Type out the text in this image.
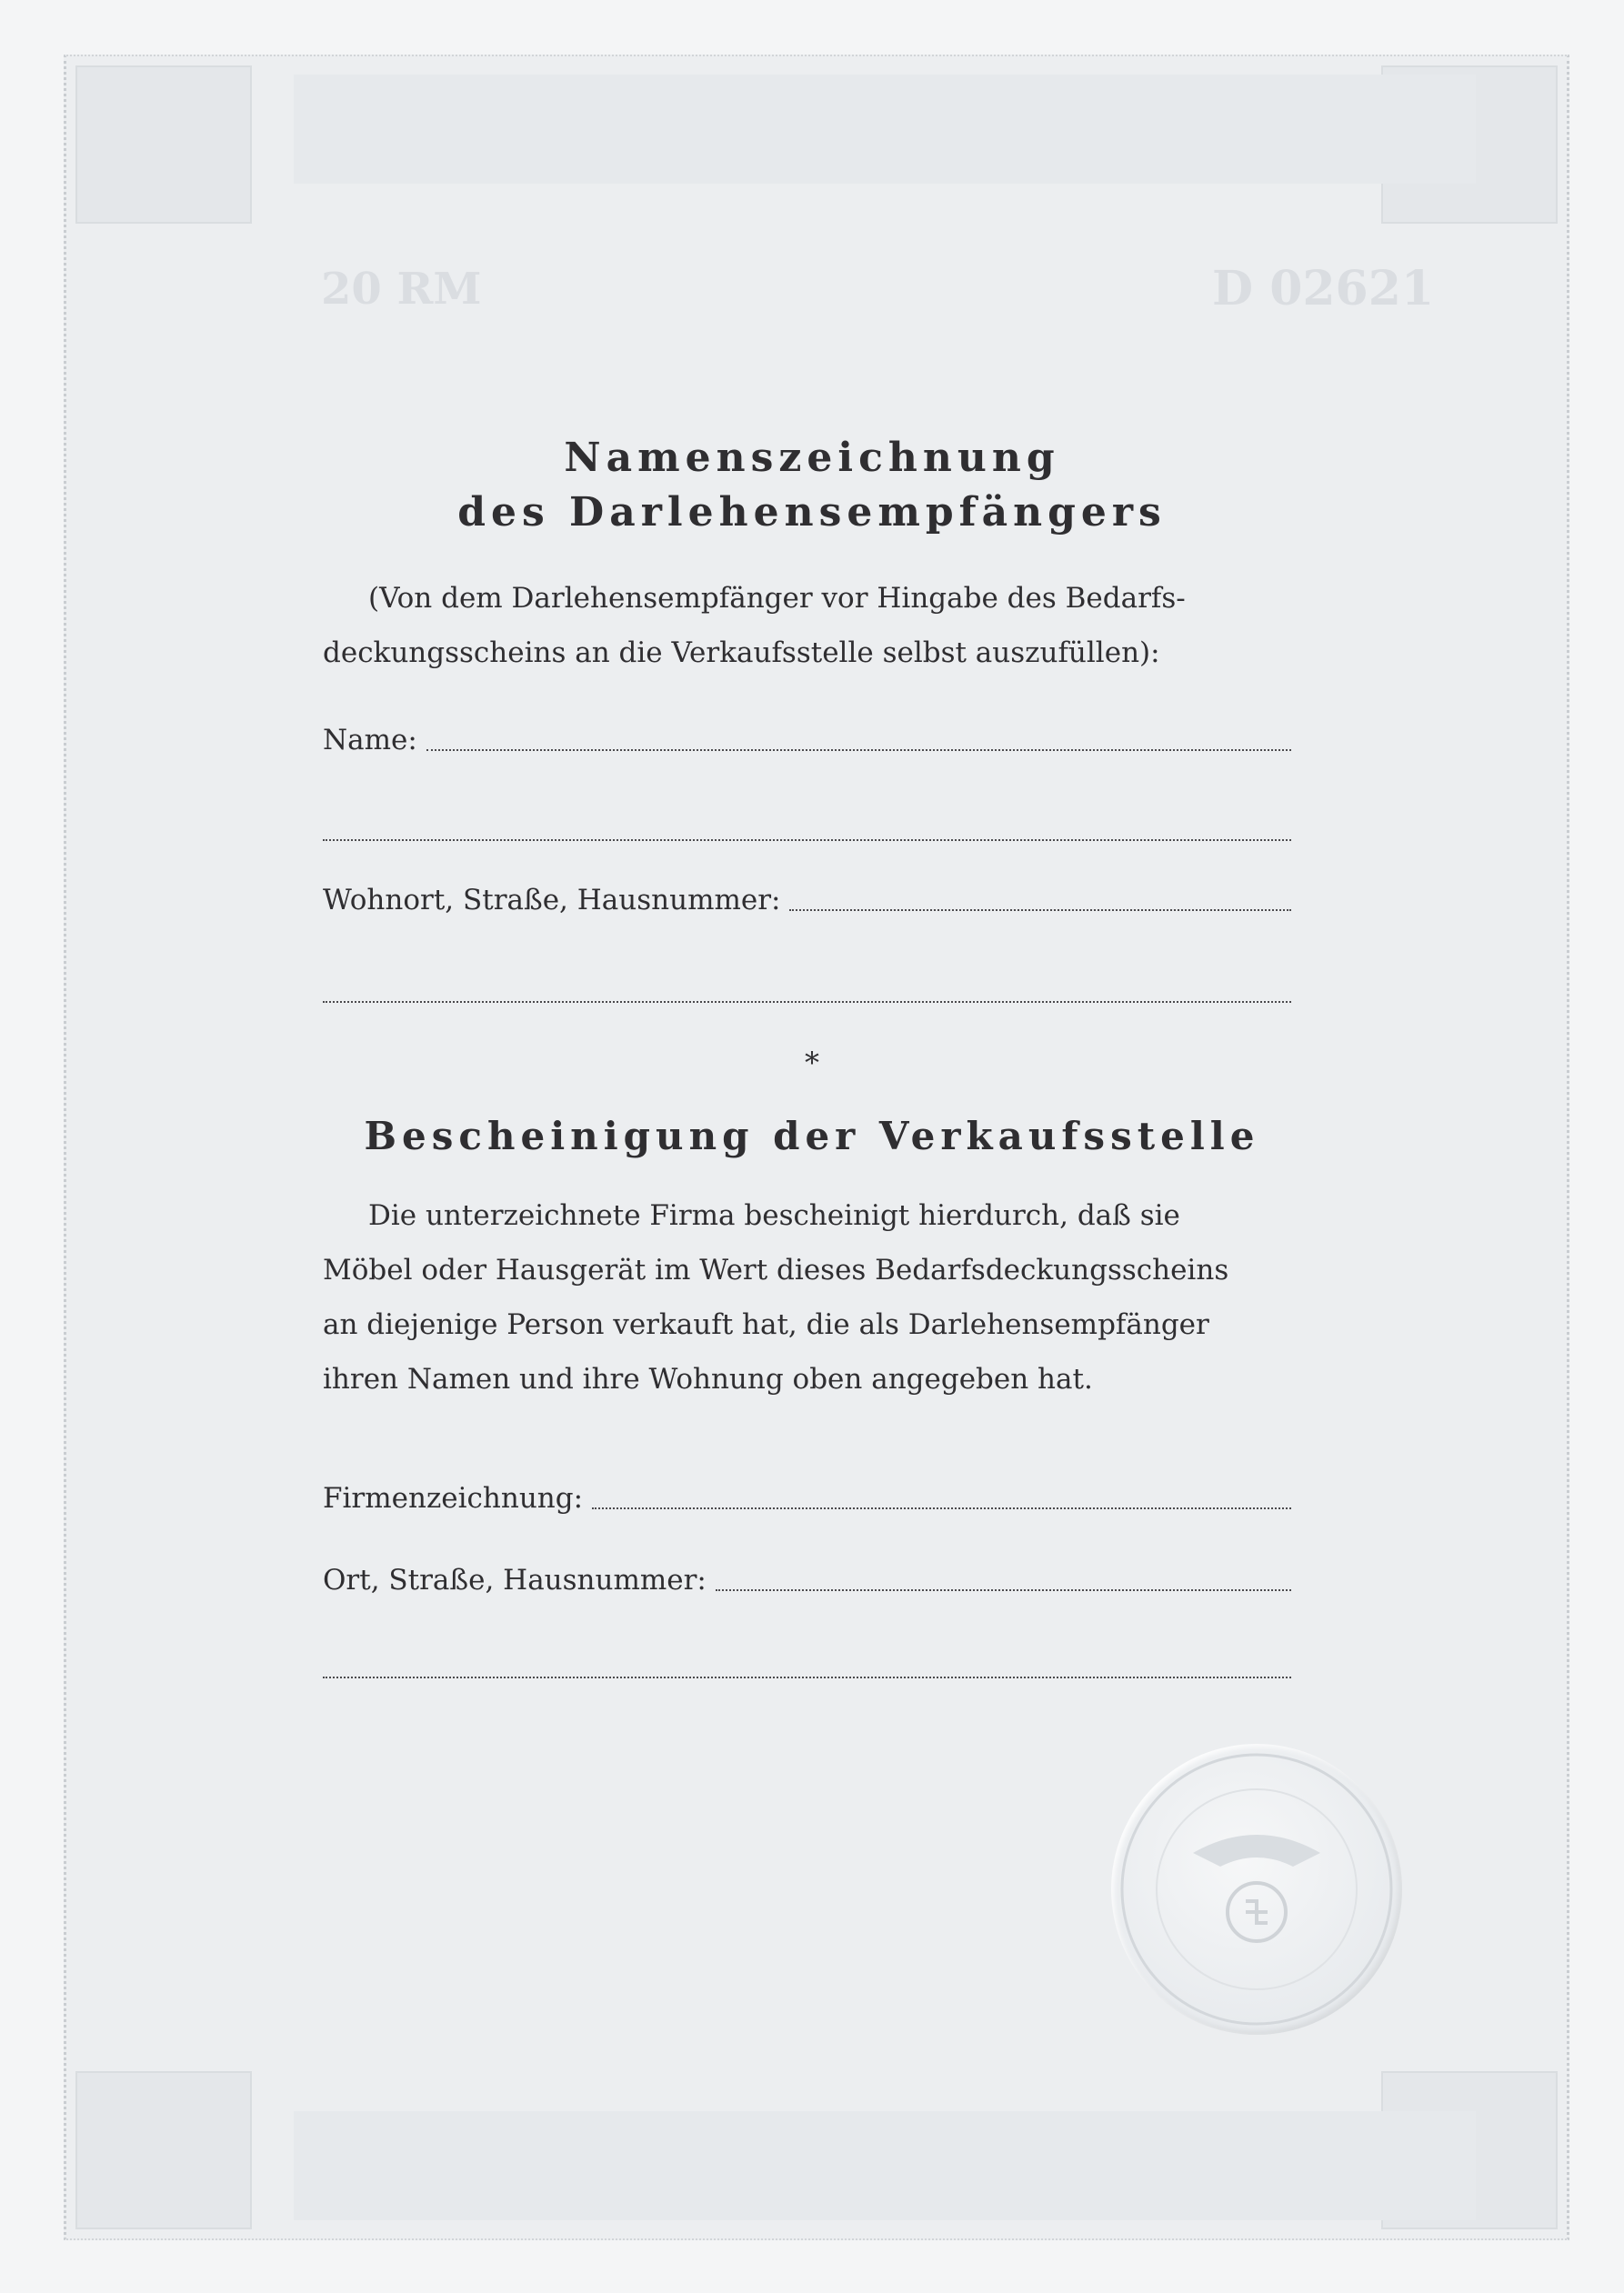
20 RM	D 02621
Namenszeichnung
des Darlehensempfängers
(Von dem Darlehensempfänger vor Hingabe des Bedarfs-
deckungsscheins an die Verkaufsstelle selbst auszufüllen):
Name:
Wohnort, Straße, Hausnummer:
*
Bescheinigung der Verkaufsstelle
Die unterzeichnete Firma bescheinigt hierdurch, daß sie
Möbel oder Hausgerät im Wert dieses Bedarfsdeckungsscheins
an diejenige Person verkauft hat, die als Darlehensempfänger
ihren Namen und ihre Wohnung oben angegeben hat.
Firmenzeichnung:
Ort, Straße, Hausnummer:
